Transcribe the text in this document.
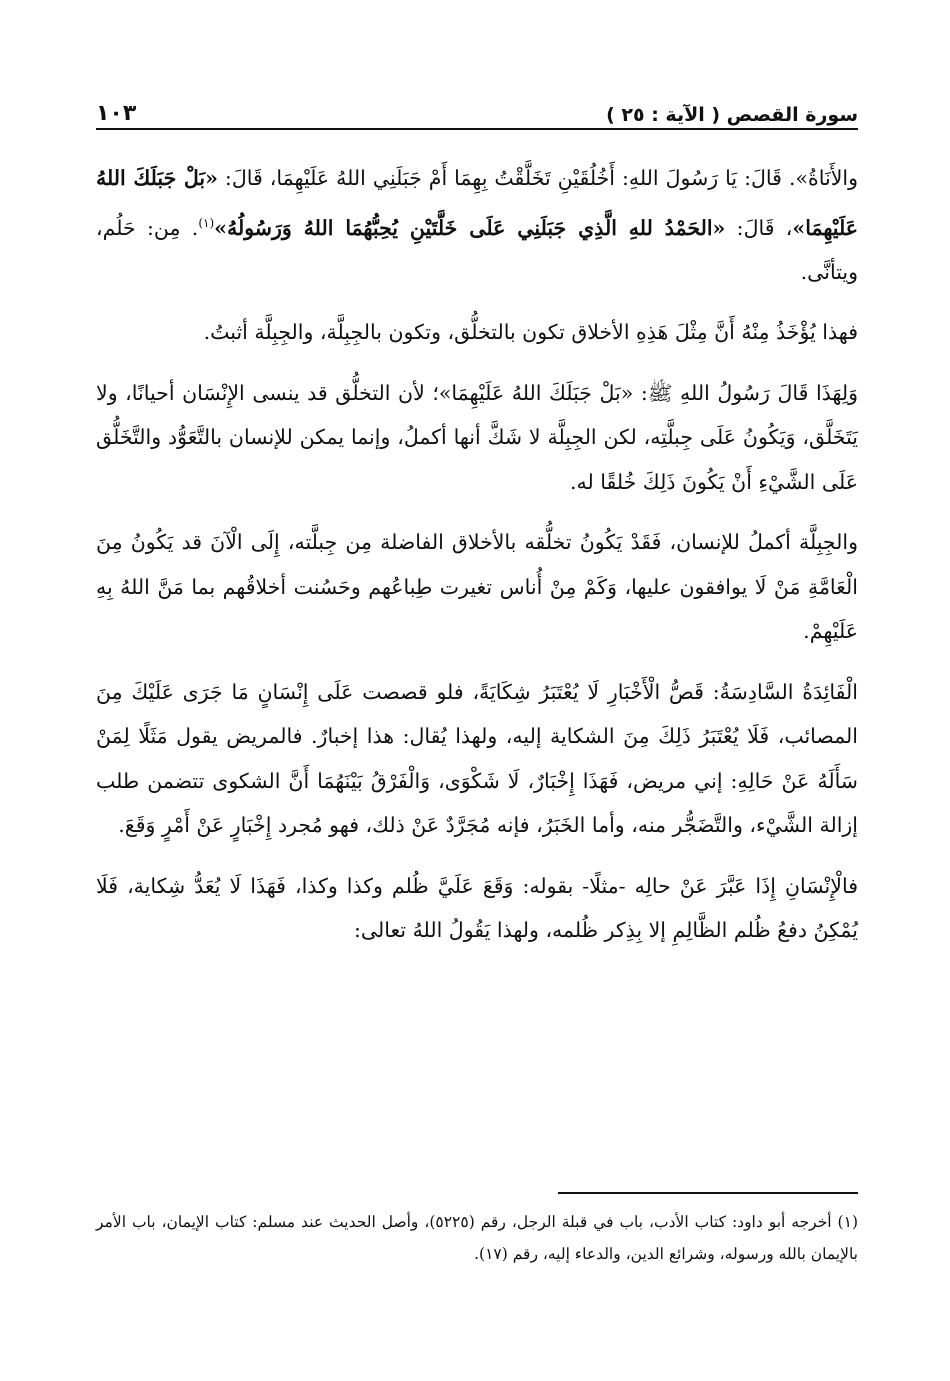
سورة القصص ( الآية : ٢٥ )
١٠٣

والأَنَاةُ». قَالَ: يَا رَسُولَ اللهِ: أَخُلُقَيْنِ تَخَلَّقْتُ بِهِمَا أَمْ جَبَلَنِي اللهُ عَلَيْهِمَا، قَالَ: «بَلْ جَبَلَكَ اللهُ عَلَيْهِمَا»، قَالَ: «الحَمْدُ للهِ الَّذِي جَبَلَنِي عَلَى خَلَّتَيْنِ يُحِبُّهُمَا اللهُ وَرَسُولُهُ»$^{(١)}$. مِن: حَلُم، ويتأنَّى.

فهذا يُؤْخَذُ مِنْهُ أَنَّ مِثْلَ هَذِهِ الأخلاق تكون بالتخلُّق، وتكون بالجِبِلَّة، والجِبِلَّة أثبتُ.

وَلِهَذَا قَالَ رَسُولُ اللهِ ﷺ: «بَلْ جَبَلَكَ اللهُ عَلَيْهِمَا»؛ لأن التخلُّق قد ينسى الإِنْسَان أحيانًا، ولا يَتَخَلَّق، وَيَكُونُ عَلَى جِبلَّتِه، لكن الجِبِلَّة لا شَكَّ أنها أكملُ، وإنما يمكن للإنسان بالتَّعَوُّد والتَّخَلُّق عَلَى الشَّيْءِ أَنْ يَكُونَ ذَلِكَ خُلقًا له.

والجِبِلَّة أكملُ للإنسان، فَقَدْ يَكُونُ تخلُّقه بالأخلاق الفاضلة مِن جِبلَّته، إِلَى الْآنَ قد يَكُونُ مِنَ الْعَامَّةِ مَنْ لَا يوافقون عليها، وَكَمْ مِنْ أُناس تغيرت طِباعُهم وحَسُنت أخلاقُهم بما مَنَّ اللهُ بِهِ عَلَيْهِمْ.

الْفَائِدَةُ السَّادِسَةُ: قَصُّ الْأَخْبَارِ لَا يُعْتَبَرُ شِكَايَةً، فلو قصصت عَلَى إِنْسَانٍ مَا جَرَى عَلَيْكَ مِنَ المصائب، فَلَا يُعْتَبَرُ ذَلِكَ مِنَ الشكاية إليه، ولهذا يُقال: هذا إخبارٌ. فالمريض يقول مَثَلًا لِمَنْ سَأَلَهُ عَنْ حَالِهِ: إني مريض، فَهَذَا إِخْبَارٌ، لَا شَكْوَى، وَالْفَرْقُ بَيْنَهُمَا أَنَّ الشكوى تتضمن طلب إزالة الشَّيْء، والتَّضَجُّر منه، وأما الخَبَرُ، فإنه مُجَرَّدٌ عَنْ ذلك، فهو مُجرد إِخْبَارٍ عَنْ أَمْرٍ وَقَعَ.

فالْإِنْسَانِ إِذَا عَبَّرَ عَنْ حالِه -مثلًا- بقوله: وَقَعَ عَلَيَّ ظُلم وكذا وكذا، فَهَذَا لَا يُعَدُّ شِكاية، فَلَا يُمْكِنُ دفعُ ظُلم الظَّالِمِ إلا بِذِكر ظُلمه، ولهذا يَقُولُ اللهُ تعالى:

(١) أخرجه أبو داود: كتاب الأدب، باب في قبلة الرجل، رقم (٥٢٢٥)، وأصل الحديث عند مسلم: كتاب الإيمان، باب الأمر بالإيمان بالله ورسوله، وشرائع الدين، والدعاء إليه، رقم (١٧).
